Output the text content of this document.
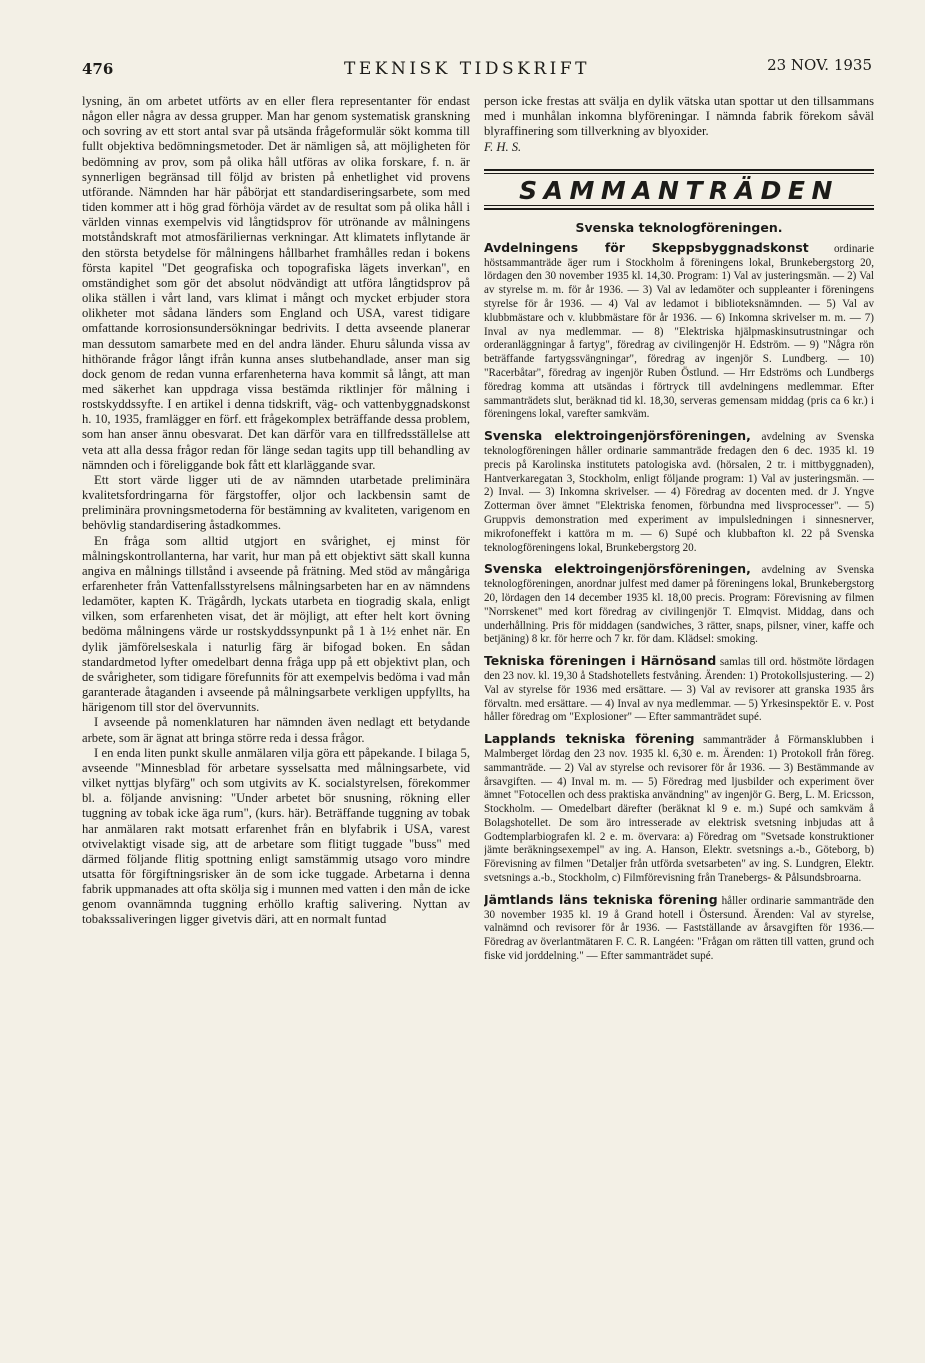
476	TEKNISK TIDSKRIFT	23 NOV. 1935

lysning, än om arbetet utförts av en eller flera representanter för endast någon eller några av dessa grupper. Man har genom systematisk granskning och sovring av ett stort antal svar på utsända frågeformulär sökt komma till fullt objektiva bedömningsmetoder. Det är nämligen så, att möjligheten för bedömning av prov, som på olika håll utföras av olika forskare, f. n. är synnerligen begränsad till följd av bristen på enhetlighet vid provens utförande. Nämnden har här påbörjat ett standardiseringsarbete, som med tiden kommer att i hög grad förhöja värdet av de resultat som på olika håll i världen vinnas exempelvis vid långtidsprov för utrönande av målningens motståndskraft mot atmosfäriliernas verkningar. Att klimatets inflytande är den största betydelse för målningens hållbarhet framhålles redan i bokens första kapitel "Det geografiska och topografiska lägets inverkan", en omständighet som gör det absolut nödvändigt att utföra långtidsprov på olika ställen i vårt land, vars klimat i mångt och mycket erbjuder stora olikheter mot sådana länders som England och USA, varest tidigare omfattande korrosionsundersökningar bedrivits. I detta avseende planerar man dessutom samarbete med en del andra länder. Ehuru sålunda vissa av hithörande frågor långt ifrån kunna anses slutbehandlade, anser man sig dock genom de redan vunna erfarenheterna hava kommit så långt, att man med säkerhet kan uppdraga vissa bestämda riktlinjer för målning i rostskyddssyfte. I en artikel i denna tidskrift, väg- och vattenbyggnadskonst h. 10, 1935, framlägger en förf. ett frågekomplex beträffande dessa problem, som han anser ännu obesvarat. Det kan därför vara en tillfredsställelse att veta att alla dessa frågor redan för länge sedan tagits upp till behandling av nämnden och i föreliggande bok fått ett klarläggande svar.

Ett stort värde ligger uti de av nämnden utarbetade preliminära kvalitetsfordringarna för färgstoffer, oljor och lackbensin samt de preliminära provningsmetoderna för bestämning av kvaliteten, varigenom en behövlig standardisering åstadkommes.

En fråga som alltid utgjort en svårighet, ej minst för målningskontrollanterna, har varit, hur man på ett objektivt sätt skall kunna angiva en målnings tillstånd i avseende på frätning. Med stöd av mångåriga erfarenheter från Vattenfallsstyrelsens målningsarbeten har en av nämndens ledamöter, kapten K. Trägårdh, lyckats utarbeta en tiogradig skala, enligt vilken, som erfarenheten visat, det är möjligt, att efter helt kort övning bedöma målningens värde ur rostskyddssynpunkt på 1 à 1½ enhet när. En dylik jämförelseskala i naturlig färg är bifogad boken. En sådan standardmetod lyfter omedelbart denna fråga upp på ett objektivt plan, och de svårigheter, som tidigare förefunnits för att exempelvis bedöma i vad mån garanterade åtaganden i avseende på målningsarbete verkligen uppfyllts, ha härigenom till stor del övervunnits.

I avseende på nomenklaturen har nämnden även nedlagt ett betydande arbete, som är ägnat att bringa större reda i dessa frågor.

I en enda liten punkt skulle anmälaren vilja göra ett påpekande. I bilaga 5, avseende "Minnesblad för arbetare sysselsatta med målningsarbete, vid vilket nyttjas blyfärg" och som utgivits av K. socialstyrelsen, förekommer bl. a. följande anvisning: "Under arbetet bör snusning, rökning eller tuggning av tobak icke äga rum", (kurs. här). Beträffande tuggning av tobak har anmälaren rakt motsatt erfarenhet från en blyfabrik i USA, varest otvivelaktigt visade sig, att de arbetare som flitigt tuggade "buss" med därmed följande flitig spottning enligt samstämmig utsago voro mindre utsatta för förgiftningsrisker än de som icke tuggade. Arbetarna i denna fabrik uppmanades att ofta skölja sig i munnen med vatten i den mån de icke genom ovannämnda tuggning erhöllo kraftig salivering. Nyttan av tobakssaliveringen ligger givetvis däri, att en normalt funtad

person icke frestas att svälja en dylik vätska utan spottar ut den tillsammans med i munhålan inkomna blyföreningar. I nämnda fabrik förekom såväl blyraffinering som tillverkning av blyoxider.

F. H. S.

SAMMANTRÄDEN
Svenska teknologföreningen.

Avdelningens för Skeppsbyggnadskonst ordinarie höstsammanträde äger rum i Stockholm å föreningens lokal, Brunkebergstorg 20, lördagen den 30 november 1935 kl. 14,30. Program: 1) Val av justeringsmän. — 2) Val av styrelse m. m. för år 1936. — 3) Val av ledamöter och suppleanter i föreningens styrelse för år 1936. — 4) Val av ledamot i biblioteksnämnden. — 5) Val av klubbmästare och v. klubbmästare för år 1936. — 6) Inkomna skrivelser m. m. — 7) Inval av nya medlemmar. — 8) "Elektriska hjälpmaskinsutrustningar och orderanläggningar å fartyg", föredrag av civilingenjör H. Edström. — 9) "Några rön beträffande fartygssvängningar", föredrag av ingenjör S. Lundberg. — 10) "Racerbåtar", föredrag av ingenjör Ruben Östlund. — Hrr Edströms och Lundbergs föredrag komma att utsändas i förtryck till avdelningens medlemmar. Efter sammanträdets slut, beräknad tid kl. 18,30, serveras gemensam middag (pris ca 6 kr.) i föreningens lokal, varefter samkväm.

Svenska elektroingenjörsföreningen, avdelning av Svenska teknologföreningen håller ordinarie sammanträde fredagen den 6 dec. 1935 kl. 19 precis på Karolinska institutets patologiska avd. (hörsalen, 2 tr. i mittbyggnaden), Hantverkaregatan 3, Stockholm, enligt följande program: 1) Val av justeringsmän. — 2) Inval. — 3) Inkomna skrivelser. — 4) Föredrag av docenten med. dr J. Yngve Zotterman över ämnet "Elektriska fenomen, förbundna med livsprocesser". — 5) Gruppvis demonstration med experiment av impulsledningen i sinnesnerver, mikrofoneffekt i kattöra m m. — 6) Supé och klubbafton kl. 22 på Svenska teknologföreningens lokal, Brunkebergstorg 20.

Svenska elektroingenjörsföreningen, avdelning av Svenska teknologföreningen, anordnar julfest med damer på föreningens lokal, Brunkebergstorg 20, lördagen den 14 december 1935 kl. 18,00 precis. Program: Förevisning av filmen "Norrskenet" med kort föredrag av civilingenjör T. Elmqvist. Middag, dans och underhållning. Pris för middagen (sandwiches, 3 rätter, snaps, pilsner, viner, kaffe och betjäning) 8 kr. för herre och 7 kr. för dam. Klädsel: smoking.

Tekniska föreningen i Härnösand samlas till ord. höstmöte lördagen den 23 nov. kl. 19,30 å Stadshotellets festvåning. Ärenden: 1) Protokollsjustering. — 2) Val av styrelse för 1936 med ersättare. — 3) Val av revisorer att granska 1935 års förvaltn. med ersättare. — 4) Inval av nya medlemmar. — 5) Yrkesinspektör E. v. Post håller föredrag om "Explosioner" — Efter sammanträdet supé.

Lapplands tekniska förening sammanträder å Förmansklubben i Malmberget lördag den 23 nov. 1935 kl. 6,30 e. m. Ärenden: 1) Protokoll från föreg. sammanträde. — 2) Val av styrelse och revisorer för år 1936. — 3) Bestämmande av årsavgiften. — 4) Inval m. m. — 5) Föredrag med ljusbilder och experiment över ämnet "Fotocellen och dess praktiska användning" av ingenjör G. Berg, L. M. Ericsson, Stockholm. — Omedelbart därefter (beräknat kl 9 e. m.) Supé och samkväm å Bolagshotellet. De som äro intresserade av elektrisk svetsning inbjudas att å Godtemplarbiografen kl. 2 e. m. övervara: a) Föredrag om "Svetsade konstruktioner jämte beräkningsexempel" av ing. A. Hanson, Elektr. svetsnings a.-b., Göteborg, b) Förevisning av filmen "Detaljer från utförda svetsarbeten" av ing. S. Lundgren, Elektr. svetsnings a.-b., Stockholm, c) Filmförevisning från Tranebergs- & Pålsundsbroarna.

Jämtlands läns tekniska förening håller ordinarie sammanträde den 30 november 1935 kl. 19 å Grand hotell i Östersund. Ärenden: Val av styrelse, valnämnd och revisorer för år 1936. — Fastställande av årsavgiften för 1936.— Föredrag av överlantmätaren F. C. R. Langéen: "Frågan om rätten till vatten, grund och fiske vid jorddelning." — Efter sammanträdet supé.
